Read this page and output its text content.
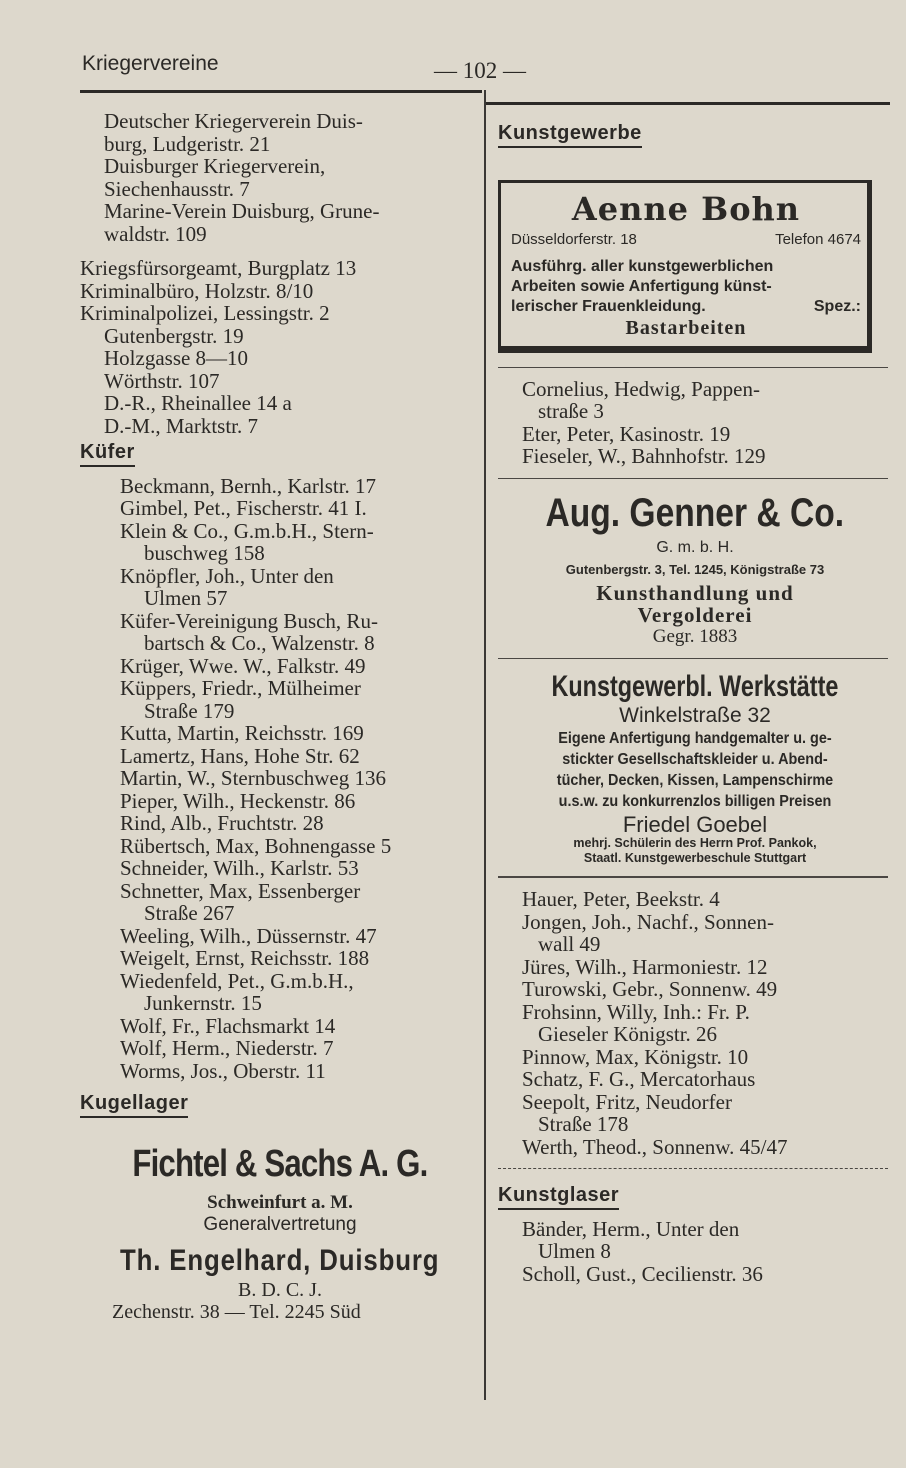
Kriegervereine	— 102 —
Deutscher Kriegerverein Duis-
burg, Ludgeristr. 21
Duisburger Kriegerverein,
Siechenhausstr. 7
Marine-Verein Duisburg, Grune-
waldstr. 109
Kriegsfürsorgeamt, Burgplatz 13
Kriminalbüro, Holzstr. 8/10
Kriminalpolizei, Lessingstr. 2
Gutenbergstr. 19
Holzgasse 8—10
Wörthstr. 107
D.-R., Rheinallee 14 a
D.-M., Marktstr. 7
Küfer
Beckmann, Bernh., Karlstr. 17
Gimbel, Pet., Fischerstr. 41 I.
Klein & Co., G.m.b.H., Stern-
buschweg 158
Knöpfler, Joh., Unter den
Ulmen 57
Küfer-Vereinigung Busch, Ru-
bartsch & Co., Walzenstr. 8
Krüger, Wwe. W., Falkstr. 49
Küppers, Friedr., Mülheimer
Straße 179
Kutta, Martin, Reichsstr. 169
Lamertz, Hans, Hohe Str. 62
Martin, W., Sternbuschweg 136
Pieper, Wilh., Heckenstr. 86
Rind, Alb., Fruchtstr. 28
Rübertsch, Max, Bohnengasse 5
Schneider, Wilh., Karlstr. 53
Schnetter, Max, Essenberger
Straße 267
Weeling, Wilh., Düssernstr. 47
Weigelt, Ernst, Reichsstr. 188
Wiedenfeld, Pet., G.m.b.H.,
Junkernstr. 15
Wolf, Fr., Flachsmarkt 14
Wolf, Herm., Niederstr. 7
Worms, Jos., Oberstr. 11
Kugellager
Fichtel & Sachs A. G.
Schweinfurt a. M.
Generalvertretung
Th. Engelhard, Duisburg
B. D. C. J.
Zechenstr. 38 — Tel. 2245 Süd
Kunstgewerbe
Aenne Bohn
Düsseldorferstr. 18	Telefon 4674
Ausführg. aller kunstgewerblichen
Arbeiten sowie Anfertigung künst-
lerischer Frauenkleidung.	Spez.:
Bastarbeiten
Cornelius, Hedwig, Pappen-
straße 3
Eter, Peter, Kasinostr. 19
Fieseler, W., Bahnhofstr. 129
Aug. Genner & Co.
G. m. b. H.
Gutenbergstr. 3, Tel. 1245, Königstraße 73
Kunsthandlung und
Vergolderei
Gegr. 1883
Kunstgewerbl. Werkstätte
Winkelstraße 32
Eigene Anfertigung handgemalter u. ge-
stickter Gesellschaftskleider u. Abend-
tücher, Decken, Kissen, Lampenschirme
u.s.w. zu konkurrenzlos billigen Preisen
Friedel Goebel
mehrj. Schülerin des Herrn Prof. Pankok,
Staatl. Kunstgewerbeschule Stuttgart
Hauer, Peter, Beekstr. 4
Jongen, Joh., Nachf., Sonnen-
wall 49
Jüres, Wilh., Harmoniestr. 12
Turowski, Gebr., Sonnenw. 49
Frohsinn, Willy, Inh.: Fr. P.
Gieseler Königstr. 26
Pinnow, Max, Königstr. 10
Schatz, F. G., Mercatorhaus
Seepolt, Fritz, Neudorfer
Straße 178
Werth, Theod., Sonnenw. 45/47
Kunstglaser
Bänder, Herm., Unter den
Ulmen 8
Scholl, Gust., Cecilienstr. 36
